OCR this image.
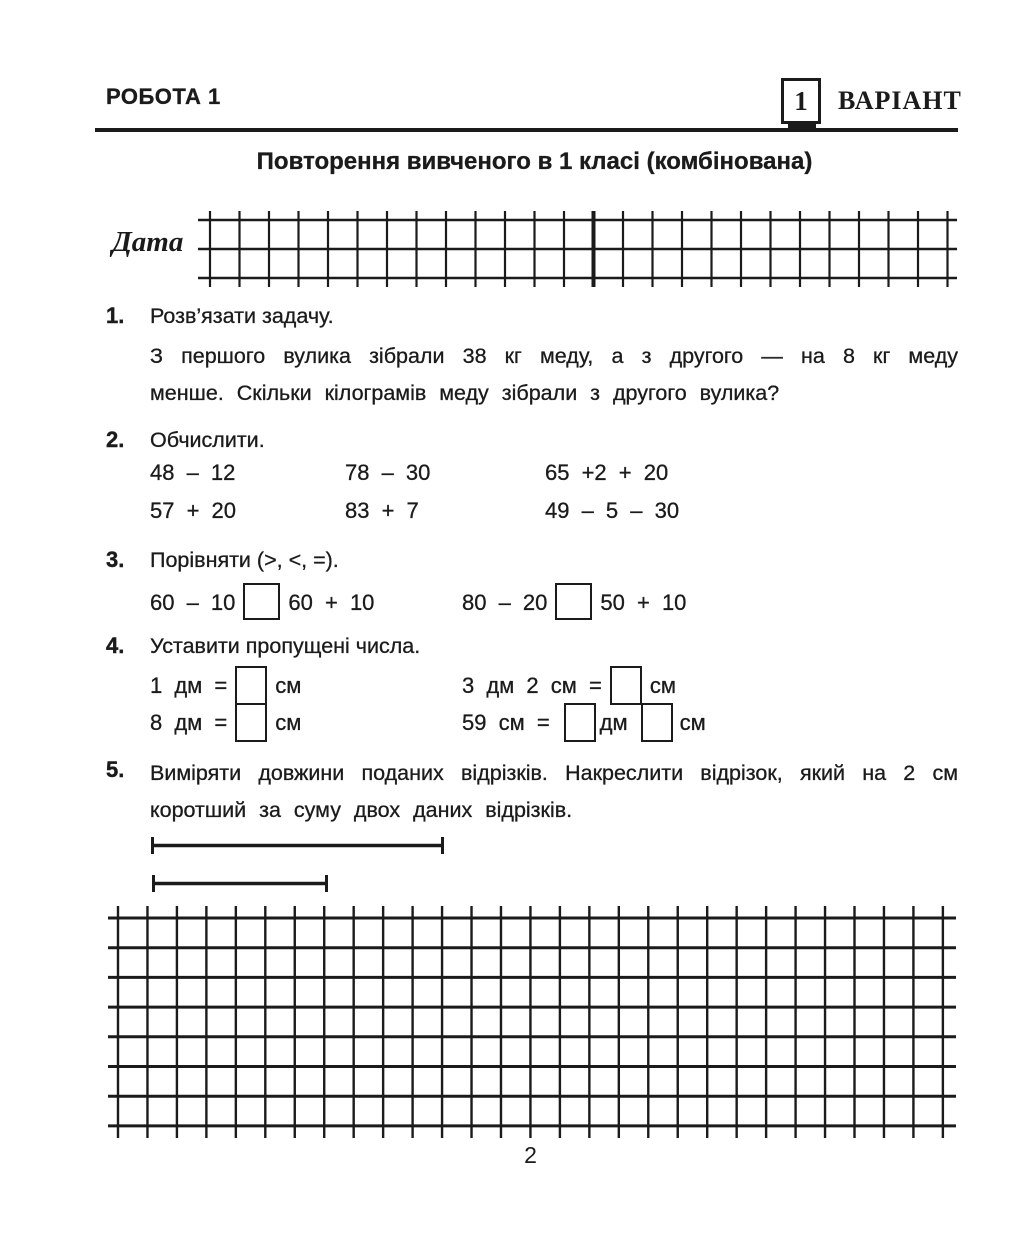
РОБОТА 1	1	ВАРІАНТ
Повторення вивченого в 1 класі (комбінована)
Дата
1. Розв’язати задачу.

З першого вулика зібрали 38 кг меду, а з другого — на 8 кг меду менше. Скільки кілограмів меду зібрали з другого вулика?

2. Обчислити.
48 – 12	78 – 30	65 +2 + 20
57 + 20	83 + 7	49 – 5 – 30
3. Порівняти (>, <, =).
60 – 10 60 + 10	80 – 20 50 + 10
4. Уставити пропущені числа.
1 дм = см	3 дм 2 см = см
8 дм = см	59 см = дм см
5.	Виміряти довжини поданих відрізків. Накреслити відрізок, який на 2 см коротший за суму двох даних відрізків.

2
